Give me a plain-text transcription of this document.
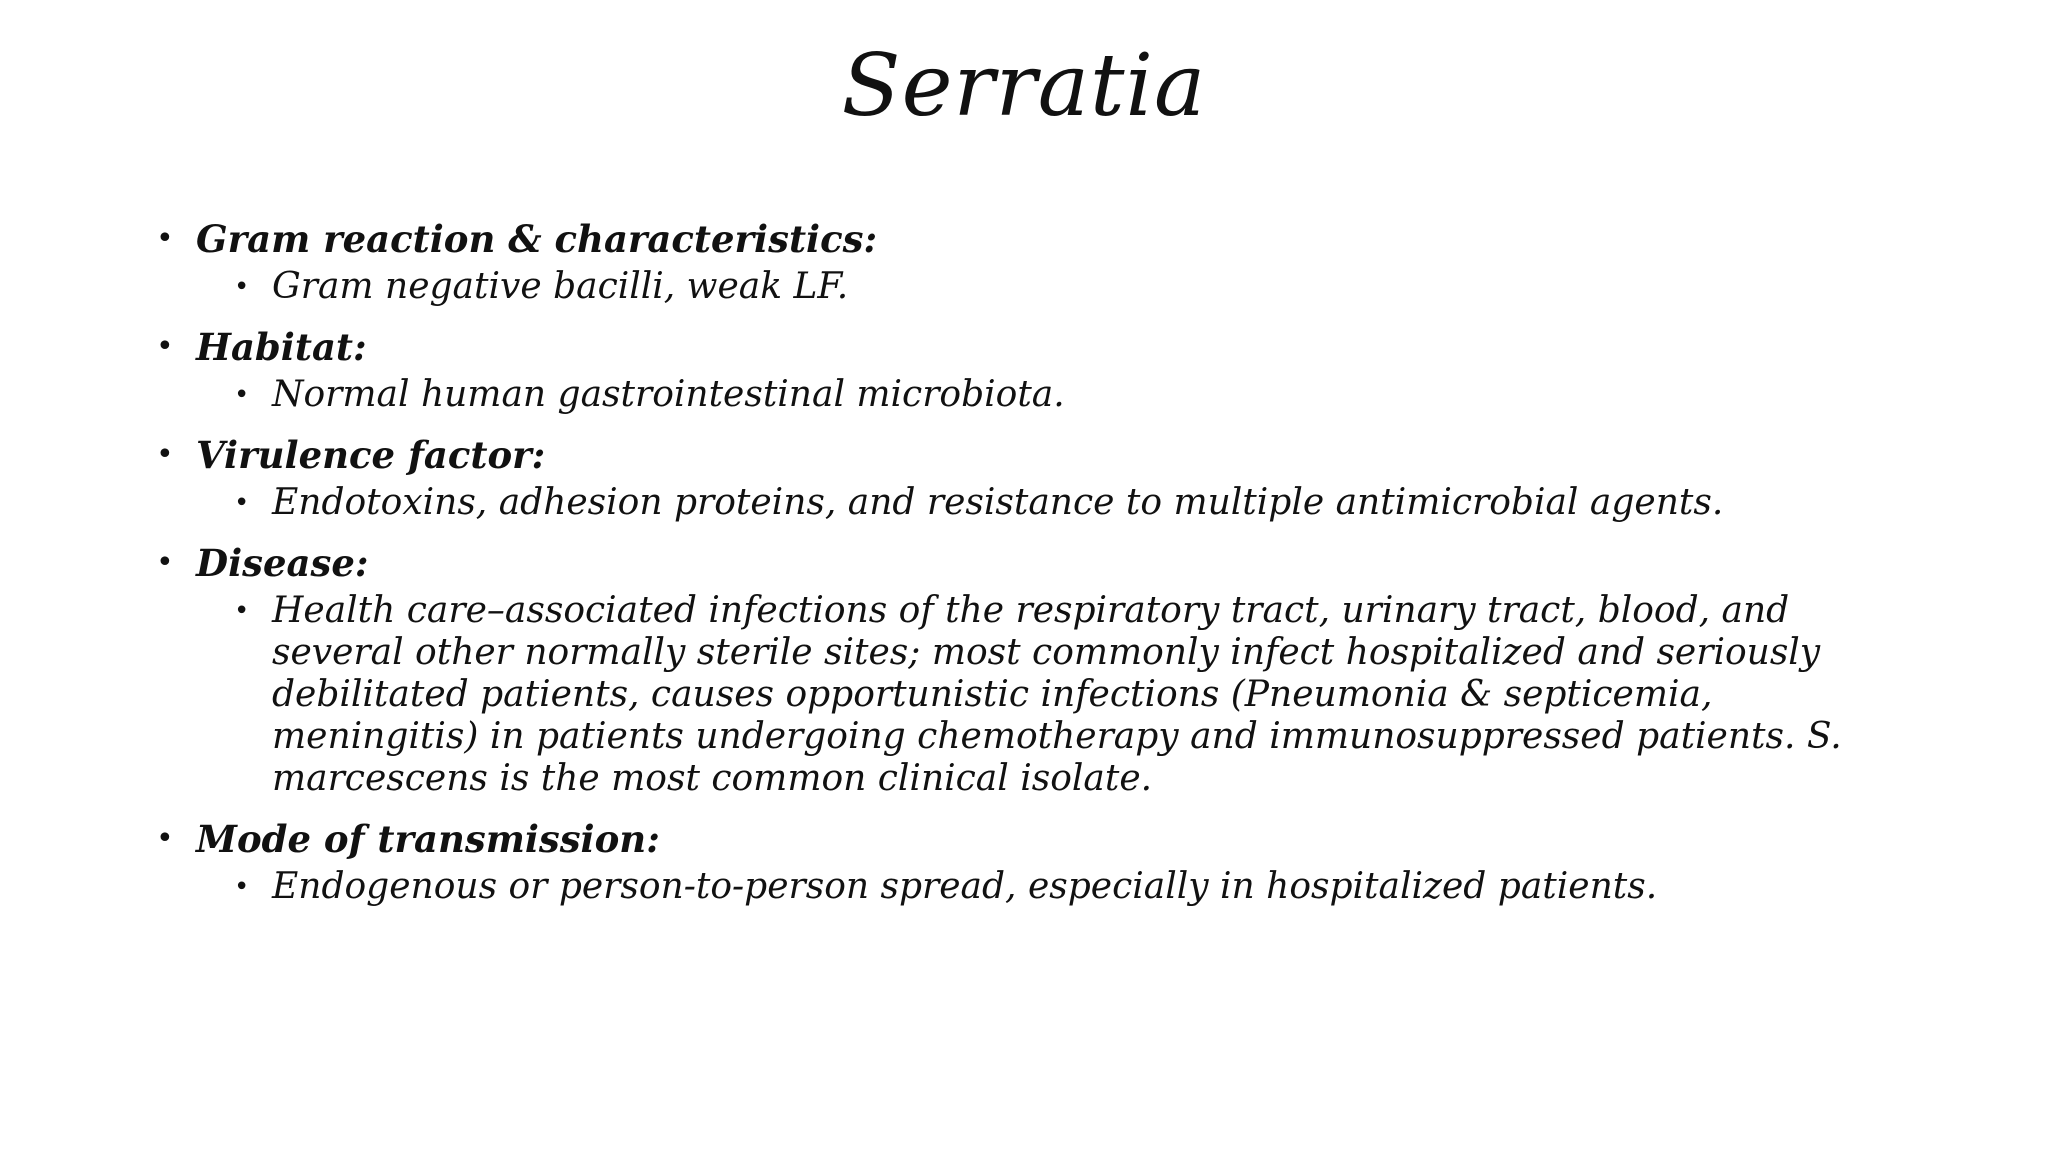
Serratia
• Gram reaction & characteristics:
• Gram negative bacilli, weak LF.
• Habitat:
• Normal human gastrointestinal microbiota.
• Virulence factor:
• Endotoxins, adhesion proteins, and resistance to multiple antimicrobial agents.
• Disease:
• Health care–associated infections of the respiratory tract, urinary tract, blood, and several other normally sterile sites; most commonly infect hospitalized and seriously debilitated patients, causes opportunistic infections (Pneumonia & septicemia, meningitis) in patients undergoing chemotherapy and immunosuppressed patients. S. marcescens is the most common clinical isolate.
• Mode of transmission:
• Endogenous or person-to-person spread, especially in hospitalized patients.
